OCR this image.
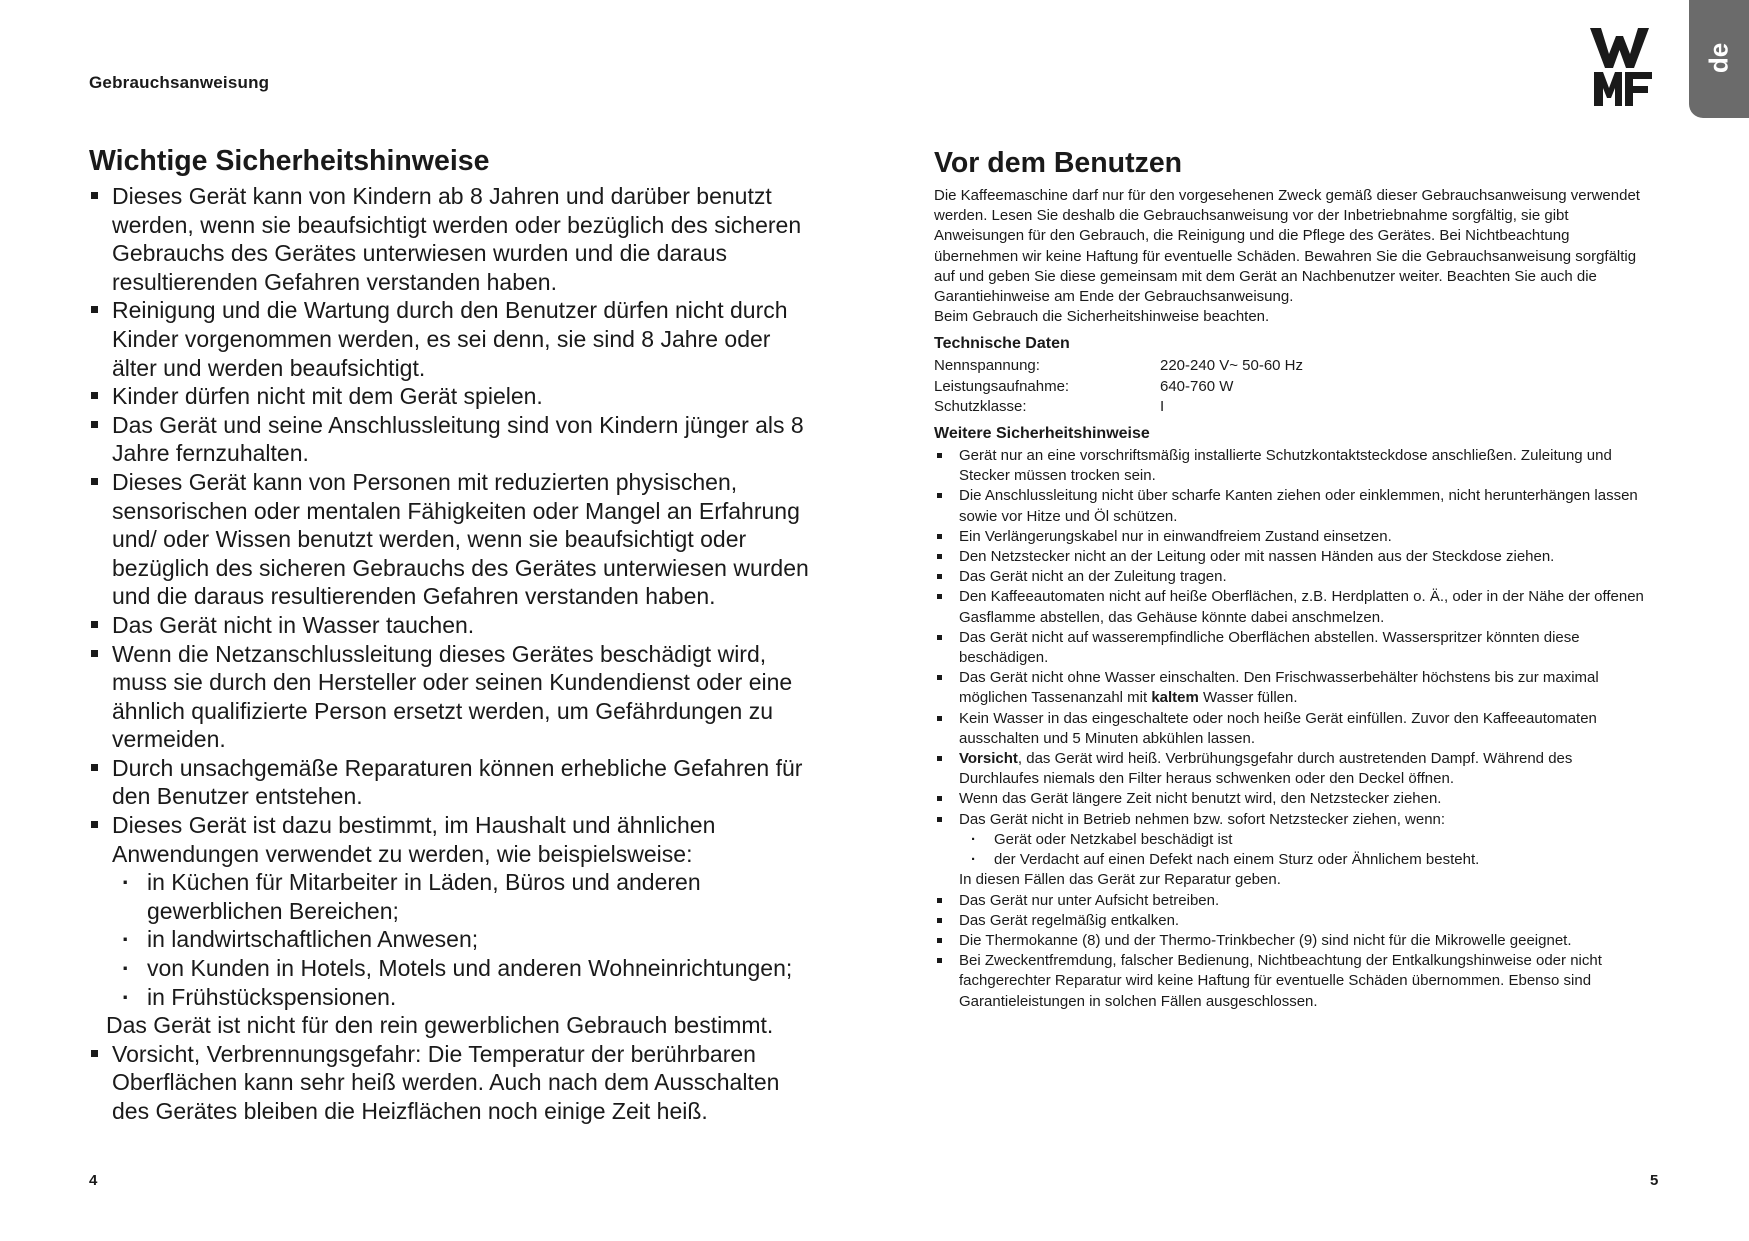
Gebrauchsanweisung
de
Wichtige Sicherheitshinweise
Dieses Gerät kann von Kindern ab 8 Jahren und darüber benutzt werden, wenn sie beaufsichtigt werden oder bezüglich des sicheren Gebrauchs des Gerätes unterwiesen wurden und die daraus resultierenden Gefahren verstanden haben.
Reinigung und die Wartung durch den Benutzer dürfen nicht durch Kinder vorgenommen werden, es sei denn, sie sind 8 Jahre oder älter und werden beaufsichtigt.
Kinder dürfen nicht mit dem Gerät spielen.
Das Gerät und seine Anschlussleitung sind von Kindern jünger als 8 Jahre fernzuhalten.
Dieses Gerät kann von Personen mit reduzierten physischen, sensorischen oder mentalen Fähigkeiten oder Mangel an Erfahrung und/ oder Wissen benutzt werden, wenn sie beaufsichtigt oder bezüglich des sicheren Gebrauchs des Gerätes unterwiesen wurden und die daraus resultierenden Gefahren verstanden haben.
Das Gerät nicht in Wasser tauchen.
Wenn die Netzanschlussleitung dieses Gerätes beschädigt wird, muss sie durch den Hersteller oder seinen Kundendienst oder eine ähnlich qualifizierte Person ersetzt werden, um Gefährdungen zu vermeiden.
Durch unsachgemäße Reparaturen können erhebliche Gefahren für den Benutzer entstehen.
Dieses Gerät ist dazu bestimmt, im Haushalt und ähnlichen Anwendungen verwendet zu werden, wie beispielsweise:
· in Küchen für Mitarbeiter in Läden, Büros und anderen gewerblichen Bereichen;
· in landwirtschaftlichen Anwesen;
· von Kunden in Hotels, Motels und anderen Wohneinrichtungen;
· in Frühstückspensionen.
Das Gerät ist nicht für den rein gewerblichen Gebrauch bestimmt.
Vorsicht, Verbrennungsgefahr: Die Temperatur der berührbaren Oberflächen kann sehr heiß werden. Auch nach dem Ausschalten des Gerätes bleiben die Heizflächen noch einige Zeit heiß.
Vor dem Benutzen

Die Kaffeemaschine darf nur für den vorgesehenen Zweck gemäß dieser Gebrauchsanweisung verwendet werden. Lesen Sie deshalb die Gebrauchsanweisung vor der Inbetriebnahme sorgfältig, sie gibt Anweisungen für den Gebrauch, die Reinigung und die Pflege des Gerätes. Bei Nichtbeachtung übernehmen wir keine Haftung für eventuelle Schäden. Bewahren Sie die Gebrauchsanweisung sorgfältig auf und geben Sie diese gemeinsam mit dem Gerät an Nachbenutzer weiter. Beachten Sie auch die Garantiehinweise am Ende der Gebrauchsanweisung.
Beim Gebrauch die Sicherheitshinweise beachten.

Technische Daten
Nennspannung:	220-240 V~ 50-60 Hz
Leistungsaufnahme:	640-760 W
Schutzklasse:	I
Weitere Sicherheitshinweise
Gerät nur an eine vorschriftsmäßig installierte Schutzkontaktsteckdose anschließen. Zuleitung und Stecker müssen trocken sein.
Die Anschlussleitung nicht über scharfe Kanten ziehen oder einklemmen, nicht herunterhängen lassen sowie vor Hitze und Öl schützen.
Ein Verlängerungskabel nur in einwandfreiem Zustand einsetzen.
Den Netzstecker nicht an der Leitung oder mit nassen Händen aus der Steckdose ziehen.
Das Gerät nicht an der Zuleitung tragen.
Den Kaffeeautomaten nicht auf heiße Oberflächen, z.B. Herdplatten o. Ä., oder in der Nähe der offenen Gasflamme abstellen, das Gehäuse könnte dabei anschmelzen.
Das Gerät nicht auf wasserempfindliche Oberflächen abstellen. Wasserspritzer könnten diese beschädigen.
Das Gerät nicht ohne Wasser einschalten. Den Frischwasserbehälter höchstens bis zur maximal möglichen Tassenanzahl mit kaltem Wasser füllen.
Kein Wasser in das eingeschaltete oder noch heiße Gerät einfüllen. Zuvor den Kaffeeautomaten ausschalten und 5 Minuten abkühlen lassen.
Vorsicht, das Gerät wird heiß. Verbrühungsgefahr durch austretenden Dampf. Während des Durchlaufes niemals den Filter heraus schwenken oder den Deckel öffnen.
Wenn das Gerät längere Zeit nicht benutzt wird, den Netzstecker ziehen.
Das Gerät nicht in Betrieb nehmen bzw. sofort Netzstecker ziehen, wenn:
· Gerät oder Netzkabel beschädigt ist
· der Verdacht auf einen Defekt nach einem Sturz oder Ähnlichem besteht.
In diesen Fällen das Gerät zur Reparatur geben.
Das Gerät nur unter Aufsicht betreiben.
Das Gerät regelmäßig entkalken.
Die Thermokanne (8) und der Thermo-Trinkbecher (9) sind nicht für die Mikrowelle geeignet.
Bei Zweckentfremdung, falscher Bedienung, Nichtbeachtung der Entkalkungshinweise oder nicht fachgerechter Reparatur wird keine Haftung für eventuelle Schäden übernommen. Ebenso sind Garantieleistungen in solchen Fällen ausgeschlossen.
4	5
